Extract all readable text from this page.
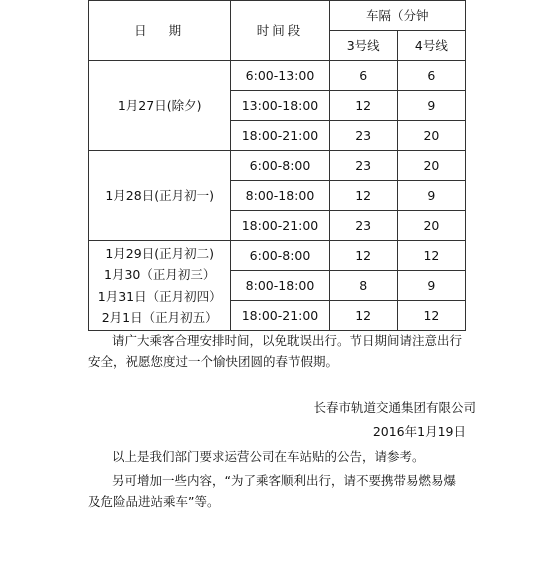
日期	时间段	车隔（分钟	
		3号线	4号线

1月27日(除夕)	6:00-13:00	6	6
	13:00-18:00	12	9
	18:00-21:00	23	20

1月28日(正月初一)	6:00-8:00	23	20
	8:00-18:00	12	9
	18:00-21:00	23	20

1月29日(正月初二)
1月30（正月初三）
1月31日（正月初四）
2月1日（正月初五）	6:00-8:00	12	12
	8:00-18:00	8	9
	18:00-21:00	12	12

请广大乘客合理安排时间，以免耽误出行。节日期间请注意出行安全，祝愿您度过一个愉快团圆的春节假期。

长春市轨道交通集团有限公司

2016年1月19日

以上是我们部门要求运营公司在车站贴的公告，请参考。

另可增加一些内容，“为了乘客顺利出行，请不要携带易燃易爆及危险品进站乘车”等。
